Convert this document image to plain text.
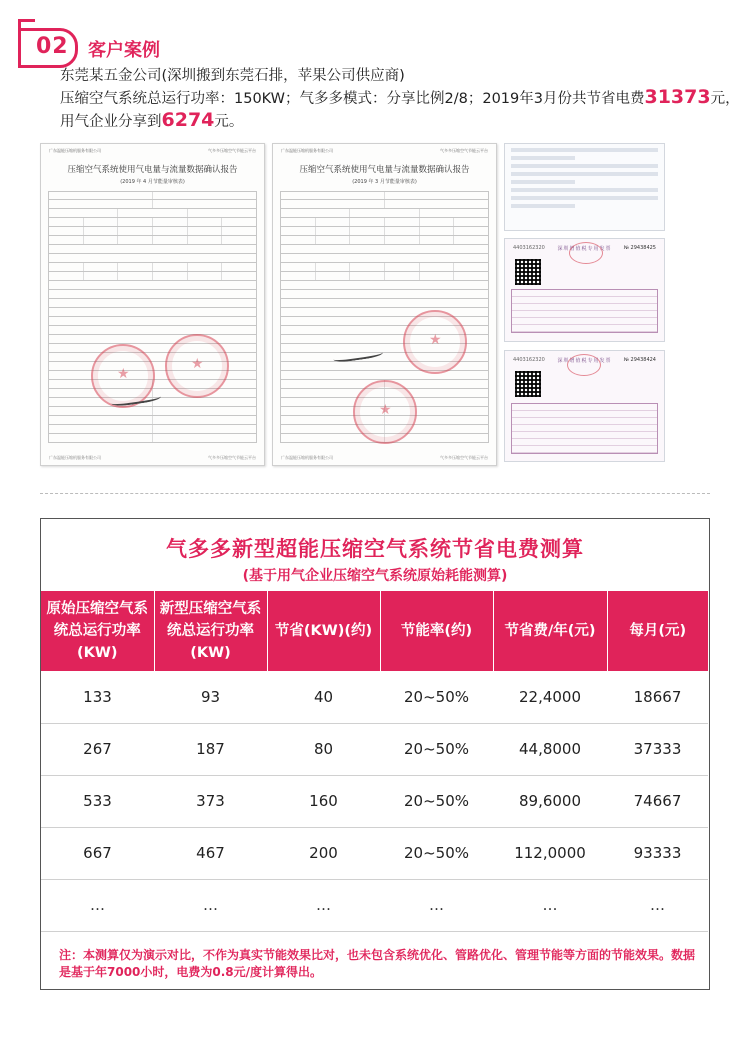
02 客户案例

东莞某五金公司(深圳搬到东莞石排，苹果公司供应商)

压缩空气系统总运行功率：150KW；气多多模式：分享比例2/8；2019年3月份共节省电费31373元，

用气企业分享到6274元。

广东温能压缩机服务有限公司	气多多压缩空气节能云平台
压缩空气系统使用气电量与流量数据确认报告
(2019 年 4 月节能量审核表)
★
★
广东温能压缩机服务有限公司	气多多压缩空气节能云平台
广东温能压缩机服务有限公司	气多多压缩空气节能云平台
压缩空气系统使用气电量与流量数据确认报告
(2019 年 3 月节能量审核表)
★
★
广东温能压缩机服务有限公司	气多多压缩空气节能云平台
4403162320	№ 29438425
深圳增值税专用发票
4403162320	№ 29438424
深圳增值税专用发票
气多多新型超能压缩空气系统节省电费测算
(基于用气企业压缩空气系统原始耗能测算)
原始压缩空气系统总运行功率(KW)	新型压缩空气系统总运行功率(KW)	节省(KW)(约)	节能率(约)	节省费/年(元)	每月(元)
133	93	40	20~50%	22,4000	18667
267	187	80	20~50%	44,8000	37333
533	373	160	20~50%	89,6000	74667
667	467	200	20~50%	112,0000	93333
…	…	…	…	…	…
注：本测算仅为演示对比，不作为真实节能效果比对，也未包含系统优化、管路优化、管理节能等方面的节能效果。数据是基于年7000小时，电费为0.8元/度计算得出。
